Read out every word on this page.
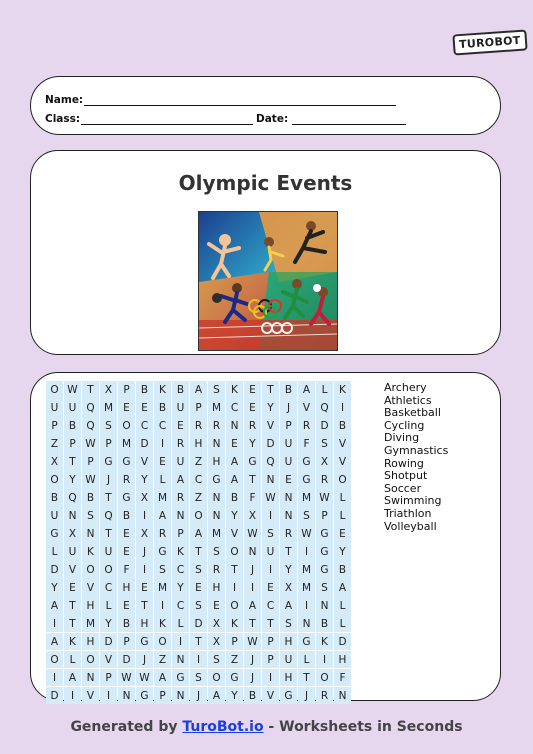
TUROBOT
Name:
Class:	Date:
Olympic Events
O W T	X	P	B	K	B	A	S	K	E	T	B	A	L	K
U U Q M E	E	B	U	P M C	E	Y	J	V Q	I
P	B Q	S	O C	C	E	R	R N R	V	P	R D B
Z	P W P M D	I	R H N	E	Y	D U	F	S	V
X	T	P	G G V	E	U	Z H A G Q U G X	V
O	Y W	J	R	Y	L	A	C G A	T	N	E	G R O
B Q B	T	G X M R	Z N B	F W N M W L
U N	S	Q B	I	A N O N	Y	X	I	N	S	P	L
G X N	T	E	X	R	P	A M V W S	R W G	E
L	U	K	U	E	J	G K	T	S	O N U	T	I	G	Y
D V O O	F	I	S	C	S	R	T	J	I	Y M G B
Y	E	V	C H	E M Y	E	H	I	I	E	X M S	A
A	T	H	L	E	T	I	C	S	E	O A	C	A	I	N	L
I	T M Y	B H	K	L	D X	K	T	T	S	N B	L
A	K	H D	P	G O	I	T	X	P W P	H G K	D
O	L	O V D	J	Z N	I	S	Z	J	P	U	L	I	H
I	A N	P W W A G	S	O G	J	I	H	T	O	F
D	I	V	I	N G	P	N	J	A	Y	B	V G	J	R N
Archery
Athletics
Basketball
Cycling
Diving
Gymnastics
Rowing
Shotput
Soccer
Swimming
Triathlon
Volleyball
Generated by TuroBot.io - Worksheets in Seconds
